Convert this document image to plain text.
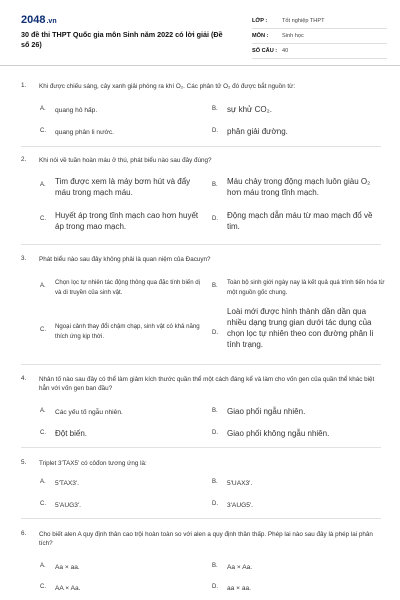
2048.vn
30 đề thi THPT Quốc gia môn Sinh năm 2022 có lời giải (Đề số 26)
LỚP :	Tốt nghiệp THPT
MÔN :	Sinh học
SỐ CÂU : 40
1. Khi được chiếu sáng, cây xanh giải phóng ra khí O₂. Các phân tử O₂ đó được bắt nguồn từ:
A. quang hô hấp.	B. sự khử CO₂.
C. quang phân li nước.	D. phân giải đường.
2. Khi nói về tuần hoàn máu ở thú, phát biểu nào sau đây đúng?
A. Tim được xem là máy bơm hút và đẩy máu trong mạch máu.
B. Máu chảy trong động mạch luôn giàu O₂ hơn máu trong tĩnh mạch.
C. Huyết áp trong tĩnh mạch cao hơn huyết áp trong mao mạch.
D. Động mạch dẫn máu từ mao mạch đổ về tim.
3. Phát biểu nào sau đây không phải là quan niệm của Đacuyn?
A. Chọn lọc tự nhiên tác động thông qua đặc tính biến dị và di truyền của sinh vật.
B. Toàn bộ sinh giới ngày nay là kết quả quá trình tiến hóa từ một nguồn gốc chung.
C. Ngoại cảnh thay đổi chậm chạp, sinh vật có khả năng thích ứng kịp thời.	D.
Loài mới được hình thành dần dần qua nhiều dạng trung gian dưới tác dụng của chọn lọc tự nhiên theo con đường phân li tính trạng.
4. Nhân tố nào sau đây có thể làm giảm kích thước quần thể một cách đáng kể và làm cho vốn gen của quần thể khác biệt hẳn với vốn gen ban đầu?
A. Các yếu tố ngẫu nhiên.	B. Giao phối ngẫu nhiên.
C. Đột biến.	D. Giao phối không ngẫu nhiên.
5. Triplet 3'TAX5' có côđon tương ứng là:
A. 5'TAX3'.	B. 5'UAX3'.
C. 5'AUG3'.	D. 3'AUG5'.
6. Cho biết alen A quy định thân cao trội hoàn toàn so với alen a quy định thân thấp. Phép lai nào sau đây là phép lai phân tích?
A. Aa × aa.	B. Aa × Aa.
C. AA × Aa.	D. aa × aa.
